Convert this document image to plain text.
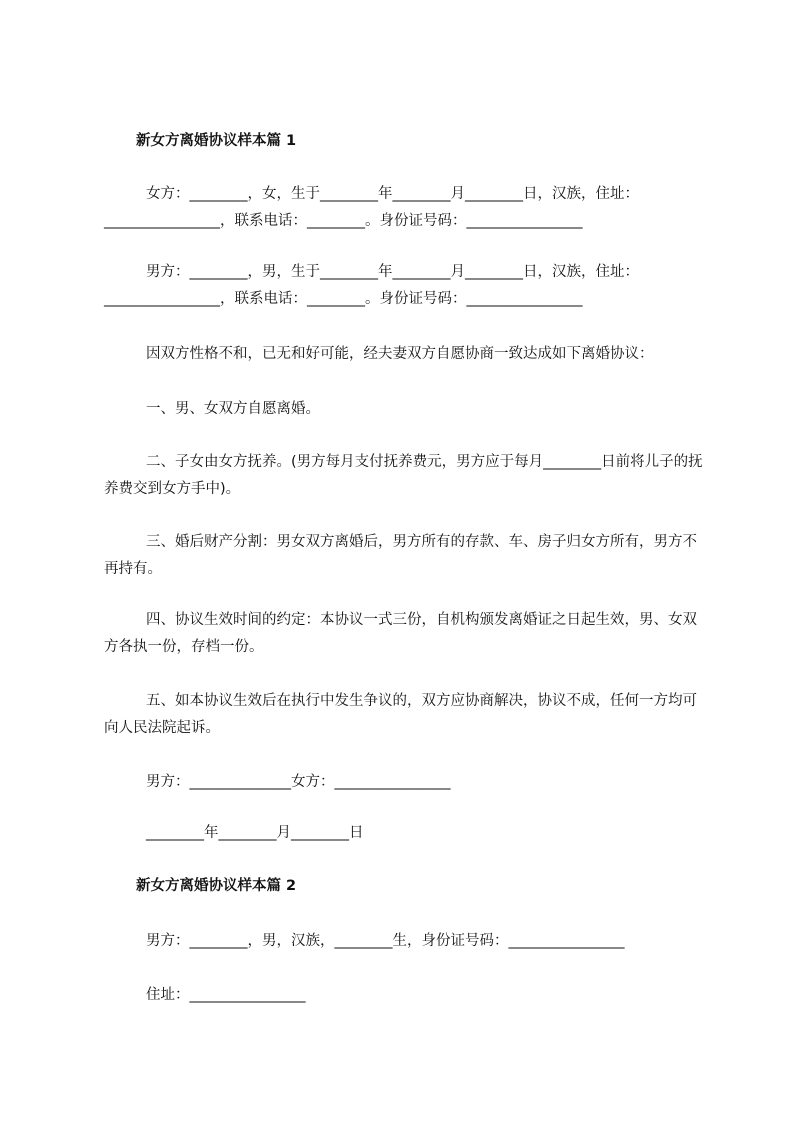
新女方离婚协议样本篇 1

女方：________，女，生于________年________月________日，汉族，住址：________________，联系电话：________。身份证号码：________________

男方：________，男，生于________年________月________日，汉族，住址：________________，联系电话：________。身份证号码：________________

因双方性格不和，已无和好可能，经夫妻双方自愿协商一致达成如下离婚协议：

一、男、女双方自愿离婚。

二、子女由女方抚养。(男方每月支付抚养费元，男方应于每月________日前将儿子的抚养费交到女方手中)。

三、婚后财产分割：男女双方离婚后，男方所有的存款、车、房子归女方所有，男方不再持有。

四、协议生效时间的约定：本协议一式三份，自机构颁发离婚证之日起生效，男、女双方各执一份，存档一份。

五、如本协议生效后在执行中发生争议的，双方应协商解决，协议不成，任何一方均可向人民法院起诉。

男方：______________女方：________________

________年________月________日

新女方离婚协议样本篇 2

男方：________，男，汉族，________生，身份证号码：________________

住址：________________
